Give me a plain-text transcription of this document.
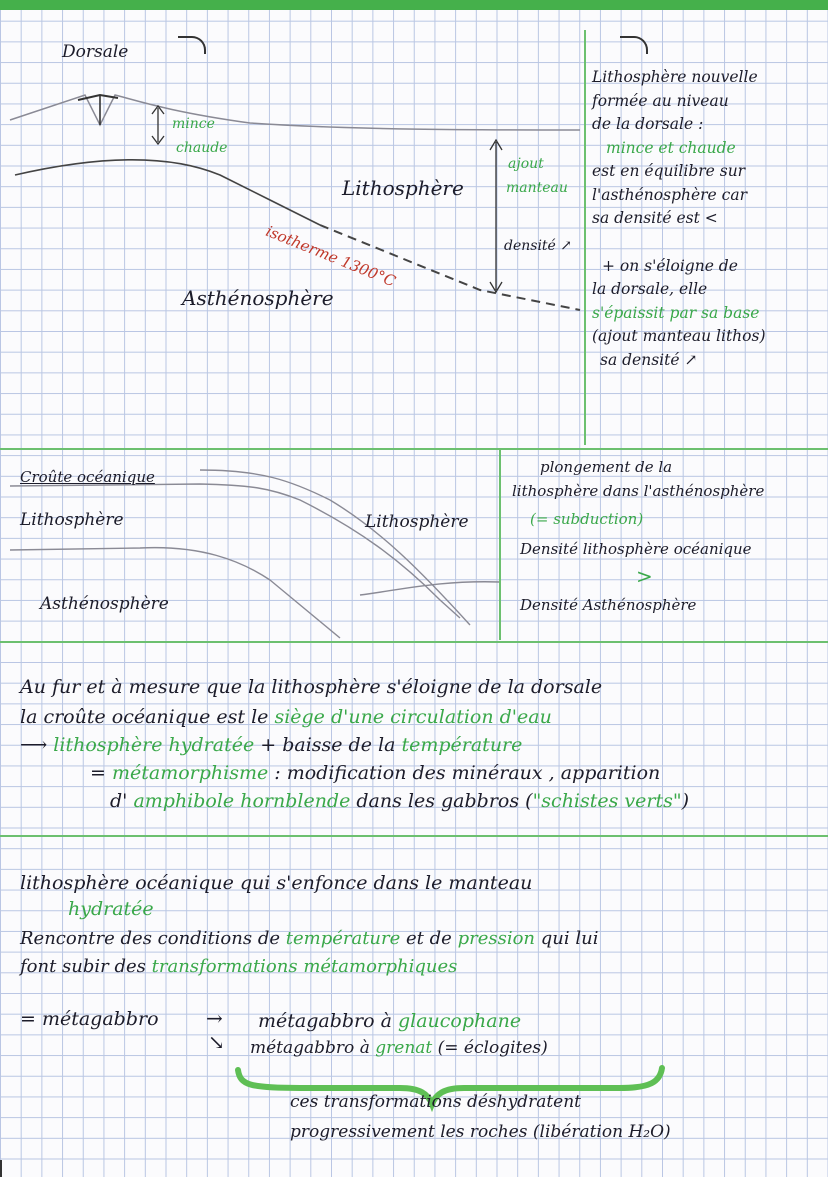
Dorsale
mince
chaude
Lithosphère
ajout
manteau
densité ↗
isotherme 1300°C
Asthénosphère
Lithosphère nouvelle
formée au niveau
de la dorsale :
mince et chaude
est en équilibre sur
l'asthénosphère car
sa densité est <
+ on s'éloigne de
la dorsale, elle
s'épaissit par sa base
(ajout manteau lithos)
sa densité ↗
Croûte océanique
Lithosphère	Lithosphère
Asthénosphère
plongement de la
lithosphère dans l'asthénosphère
(= subduction)
Densité lithosphère océanique
>
Densité Asthénosphère
Au fur et à mesure que la lithosphère s'éloigne de la dorsale
la croûte océanique est le siège d'une circulation d'eau
⟶ lithosphère hydratée + baisse de la température
= métamorphisme : modification des minéraux , apparition
d' amphibole hornblende dans les gabbros ("schistes verts")
lithosphère océanique qui s'enfonce dans le manteau
hydratée
Rencontre des conditions de température et de pression qui lui
font subir des transformations métamorphiques
= métagabbro →
↘
métagabbro à glaucophane
métagabbro à grenat (= éclogites)
ces transformations déshydratent
progressivement les roches (libération H₂O)
